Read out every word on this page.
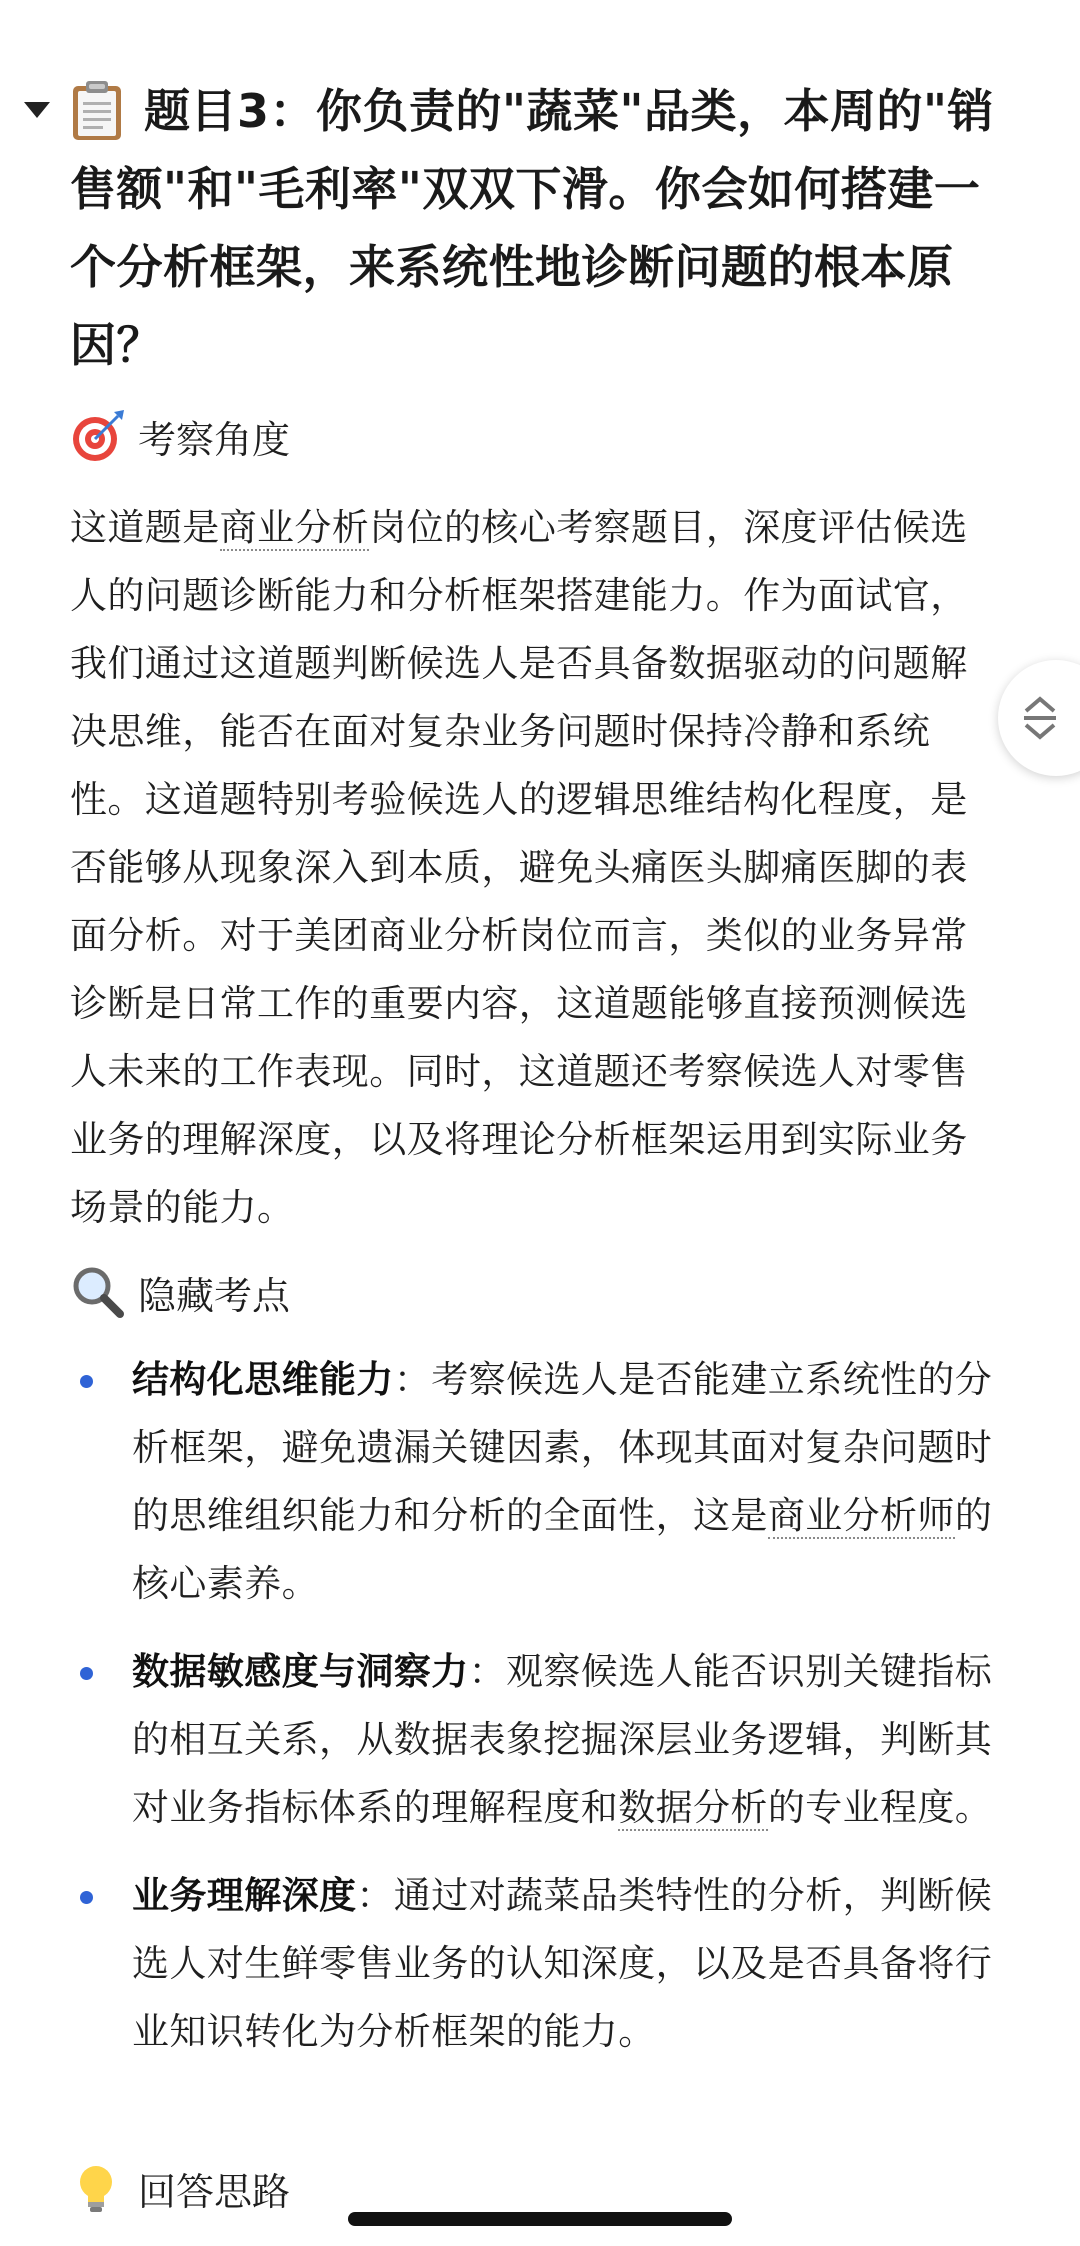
题目3：你负责的"蔬菜"品类，本周的"销售额"和"毛利率"双双下滑。你会如何搭建一个分析框架，来系统性地诊断问题的根本原因？
考察角度
这道题是商业分析岗位的核心考察题目，深度评估候选人的问题诊断能力和分析框架搭建能力。作为面试官，我们通过这道题判断候选人是否具备数据驱动的问题解决思维，能否在面对复杂业务问题时保持冷静和系统性。这道题特别考验候选人的逻辑思维结构化程度，是否能够从现象深入到本质，避免头痛医头脚痛医脚的表面分析。对于美团商业分析岗位而言，类似的业务异常诊断是日常工作的重要内容，这道题能够直接预测候选人未来的工作表现。同时，这道题还考察候选人对零售业务的理解深度，以及将理论分析框架运用到实际业务场景的能力。
隐藏考点
结构化思维能力：考察候选人是否能建立系统性的分析框架，避免遗漏关键因素，体现其面对复杂问题时的思维组织能力和分析的全面性，这是商业分析师的核心素养。
数据敏感度与洞察力：观察候选人能否识别关键指标的相互关系，从数据表象挖掘深层业务逻辑，判断其对业务指标体系的理解程度和数据分析的专业程度。
业务理解深度：通过对蔬菜品类特性的分析，判断候选人对生鲜零售业务的认知深度，以及是否具备将行业知识转化为分析框架的能力。
回答思路
